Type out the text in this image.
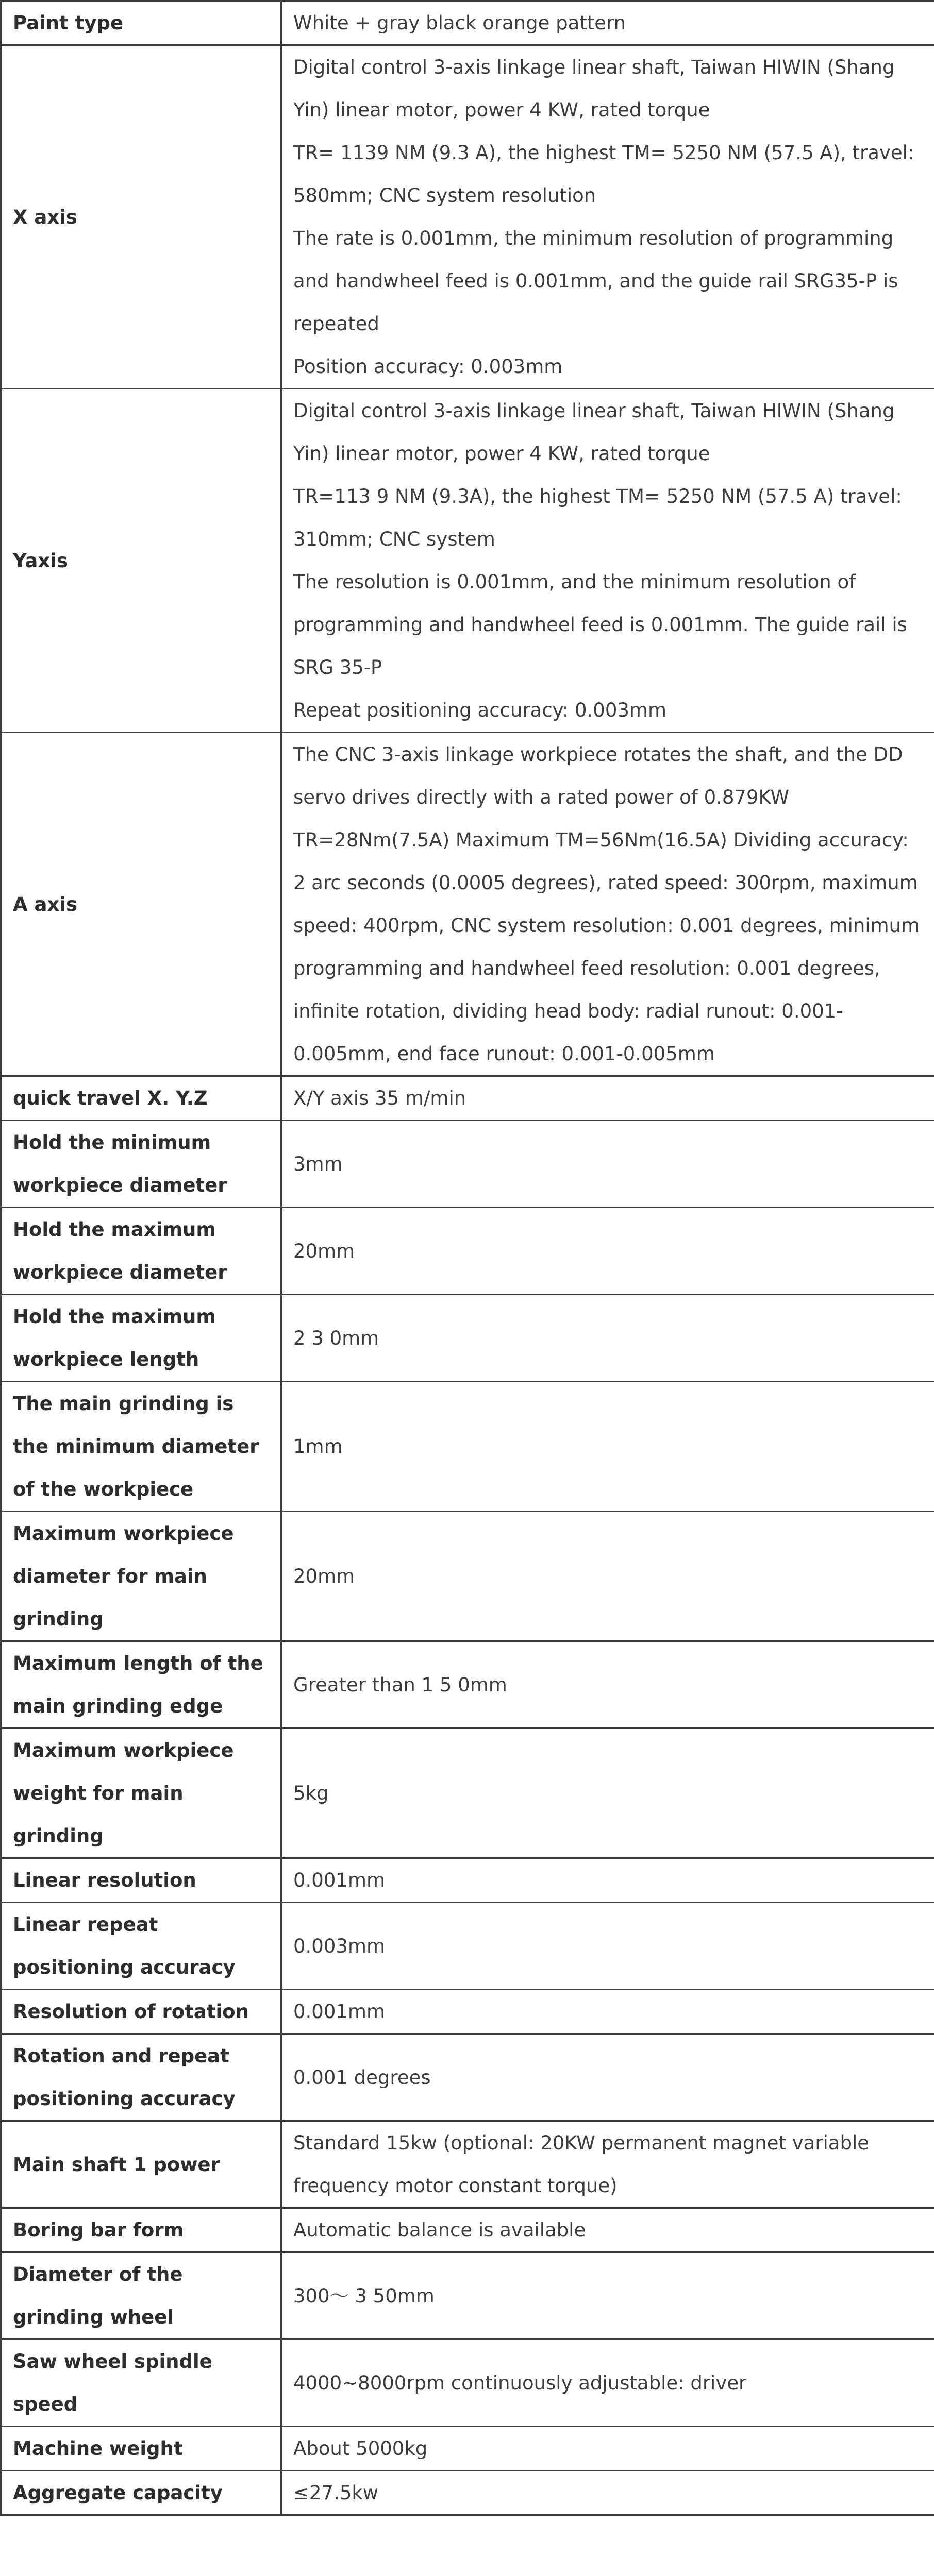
Paint type	White + gray black orange pattern

X axis	Digital control 3-axis linkage linear shaft, Taiwan HIWIN (Shang Yin) linear motor, power 4 KW, rated torque
TR= 1139 NM (9.3 A), the highest TM= 5250 NM (57.5 A), travel: 580mm; CNC system resolution
The rate is 0.001mm, the minimum resolution of programming and handwheel feed is 0.001mm, and the guide rail SRG35-P is repeated
Position accuracy: 0.003mm

Yaxis	Digital control 3-axis linkage linear shaft, Taiwan HIWIN (Shang Yin) linear motor, power 4 KW, rated torque
TR=113 9 NM (9.3A), the highest TM= 5250 NM (57.5 A) travel: 310mm; CNC system
The resolution is 0.001mm, and the minimum resolution of programming and handwheel feed is 0.001mm. The guide rail is SRG 35-P
Repeat positioning accuracy: 0.003mm

A axis	The CNC 3-axis linkage workpiece rotates the shaft, and the DD servo drives directly with a rated power of 0.879KW
TR=28Nm(7.5A) Maximum TM=56Nm(16.5A) Dividing accuracy: 2 arc seconds (0.0005 degrees), rated speed: 300rpm, maximum speed: 400rpm, CNC system resolution: 0.001 degrees, minimum programming and handwheel feed resolution: 0.001 degrees, infinite rotation, dividing head body: radial runout: 0.001-0.005mm, end face runout: 0.001-0.005mm

quick travel X. Y.Z	X/Y axis 35 m/min

Hold the minimum workpiece diameter	3mm

Hold the maximum workpiece diameter	20mm

Hold the maximum workpiece length	2 3 0mm

The main grinding is the minimum diameter of the workpiece	1mm

Maximum workpiece diameter for main grinding	20mm

Maximum length of the main grinding edge	Greater than 1 5 0mm

Maximum workpiece weight for main grinding	5kg

Linear resolution	0.001mm

Linear repeat positioning accuracy	0.003mm

Resolution of rotation	0.001mm

Rotation and repeat positioning accuracy	0.001 degrees

Main shaft 1 power	Standard 15kw (optional: 20KW permanent magnet variable frequency motor constant torque)

Boring bar form	Automatic balance is available

Diameter of the grinding wheel	300～ 3 50mm

Saw wheel spindle speed	4000~8000rpm continuously adjustable: driver

Machine weight	About 5000kg

Aggregate capacity	≤27.5kw
